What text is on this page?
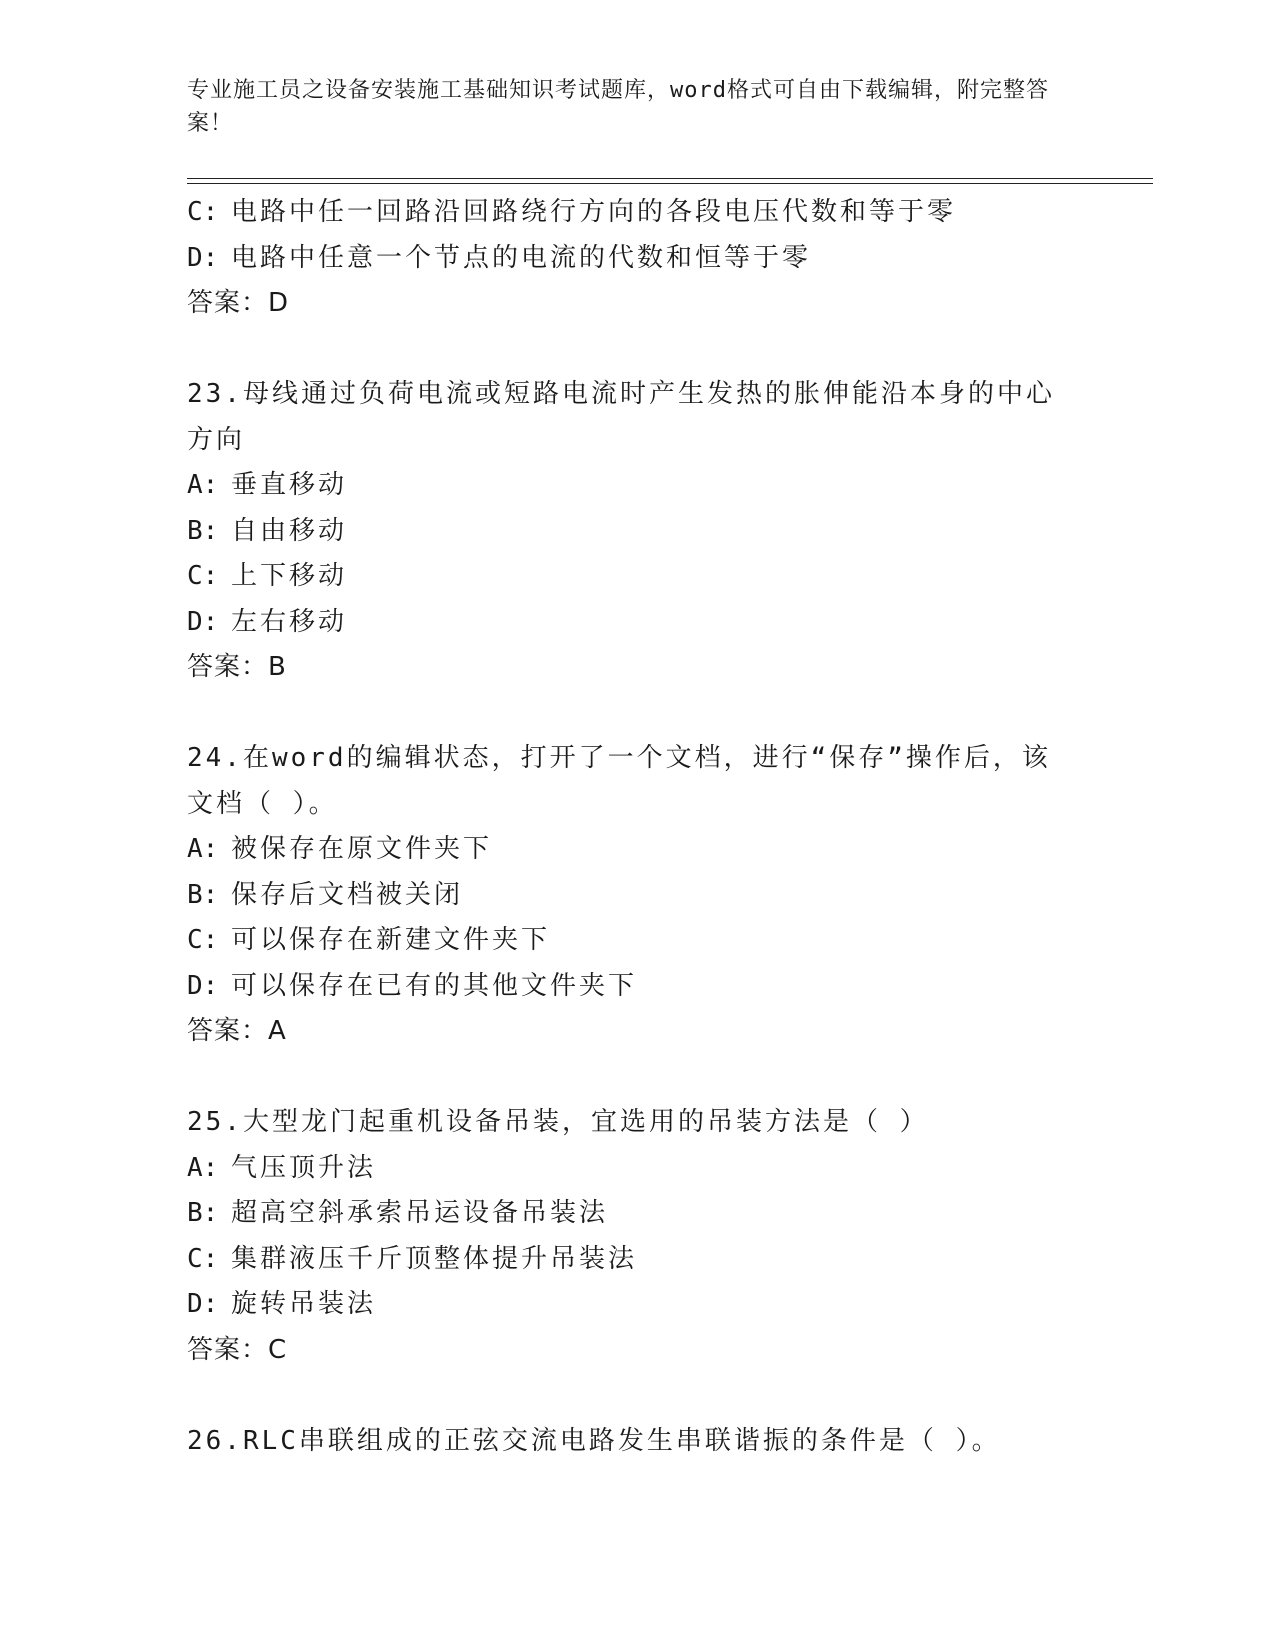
专业施工员之设备安装施工基础知识考试题库，word格式可自由下载编辑，附完整答案！
C: 电路中任一回路沿回路绕行方向的各段电压代数和等于零
D: 电路中任意一个节点的电流的代数和恒等于零
答案：D
23.母线通过负荷电流或短路电流时产生发热的胀伸能沿本身的中心方向
A: 垂直移动
B: 自由移动
C: 上下移动
D: 左右移动
答案：B
24.在word的编辑状态，打开了一个文档，进行“保存”操作后，该文档（ ）。
A: 被保存在原文件夹下
B: 保存后文档被关闭
C: 可以保存在新建文件夹下
D: 可以保存在已有的其他文件夹下
答案：A
25.大型龙门起重机设备吊装，宜选用的吊装方法是（ ）
A: 气压顶升法
B: 超高空斜承索吊运设备吊装法
C: 集群液压千斤顶整体提升吊装法
D: 旋转吊装法
答案：C
26.RLC串联组成的正弦交流电路发生串联谐振的条件是（ ）。
